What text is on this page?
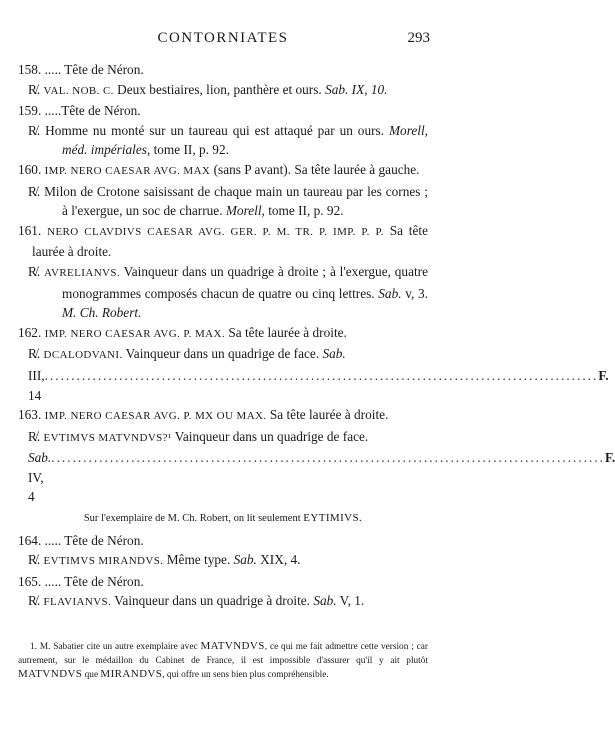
CONTORNIATES	293

158. ..... Tête de Néron.

R̸. VAL. NOB. C. Deux bestiaires, lion, panthère et ours. Sab. IX, 10.

159. .....Tête de Néron.

R̸. Homme nu monté sur un taureau qui est attaqué par un ours. Morell, méd. impériales, tome II, p. 92.

160. IMP. NERO CAESAR AVG. MAX (sans P avant). Sa tête laurée à gauche.

R̸. Milon de Crotone saisissant de chaque main un taureau par les cornes ; à l'exergue, un soc de charrue. Morell, tome II, p. 92.

161. NERO CLAVDIVS CAESAR AVG. GER. P. M. TR. P. IMP. P. P. Sa tête laurée à droite.

R̸. AVRELIANVS. Vainqueur dans un quadrige à droite ; à l'exergue, quatre monogrammes composés chacun de quatre ou cinq lettres. Sab. v, 3. M. Ch. Robert.

162. IMP. NERO CAESAR AVG. P. MAX. Sa tête laurée à droite.

R̸. DCALODVANI. Vainqueur dans un quadrige de face. Sab.

III, 14
........................................................................................................ F.

163. IMP. NERO CAESAR AVG. P. MX OU MAX. Sa tête laurée à droite.

R̸. EVTIMVS MATVNDVS?¹ Vainqueur dans un quadrige de face.

Sab. IV, 4
........................................................................................................ F.

Sur l'exemplaire de M. Ch. Robert, on lit seulement EYTIMIVS.

164. ..... Tête de Néron.

R̸. EVTIMVS MIRANDVS. Même type. Sab. XIX, 4.

165. ..... Tête de Néron.

R̸. FLAVIANVS. Vainqueur dans un quadrige à droite. Sab. V, 1.

1. M. Sabatier cite un autre exemplaire avec MATVNDVS, ce qui me fait admettre cette version ; car autrement, sur le médaillon du Cabinet de France, il est impossible d'assurer qu'il y ait plutôt MATVNDVS que MIRANDVS, qui offre un sens bien plus compréhensible.
